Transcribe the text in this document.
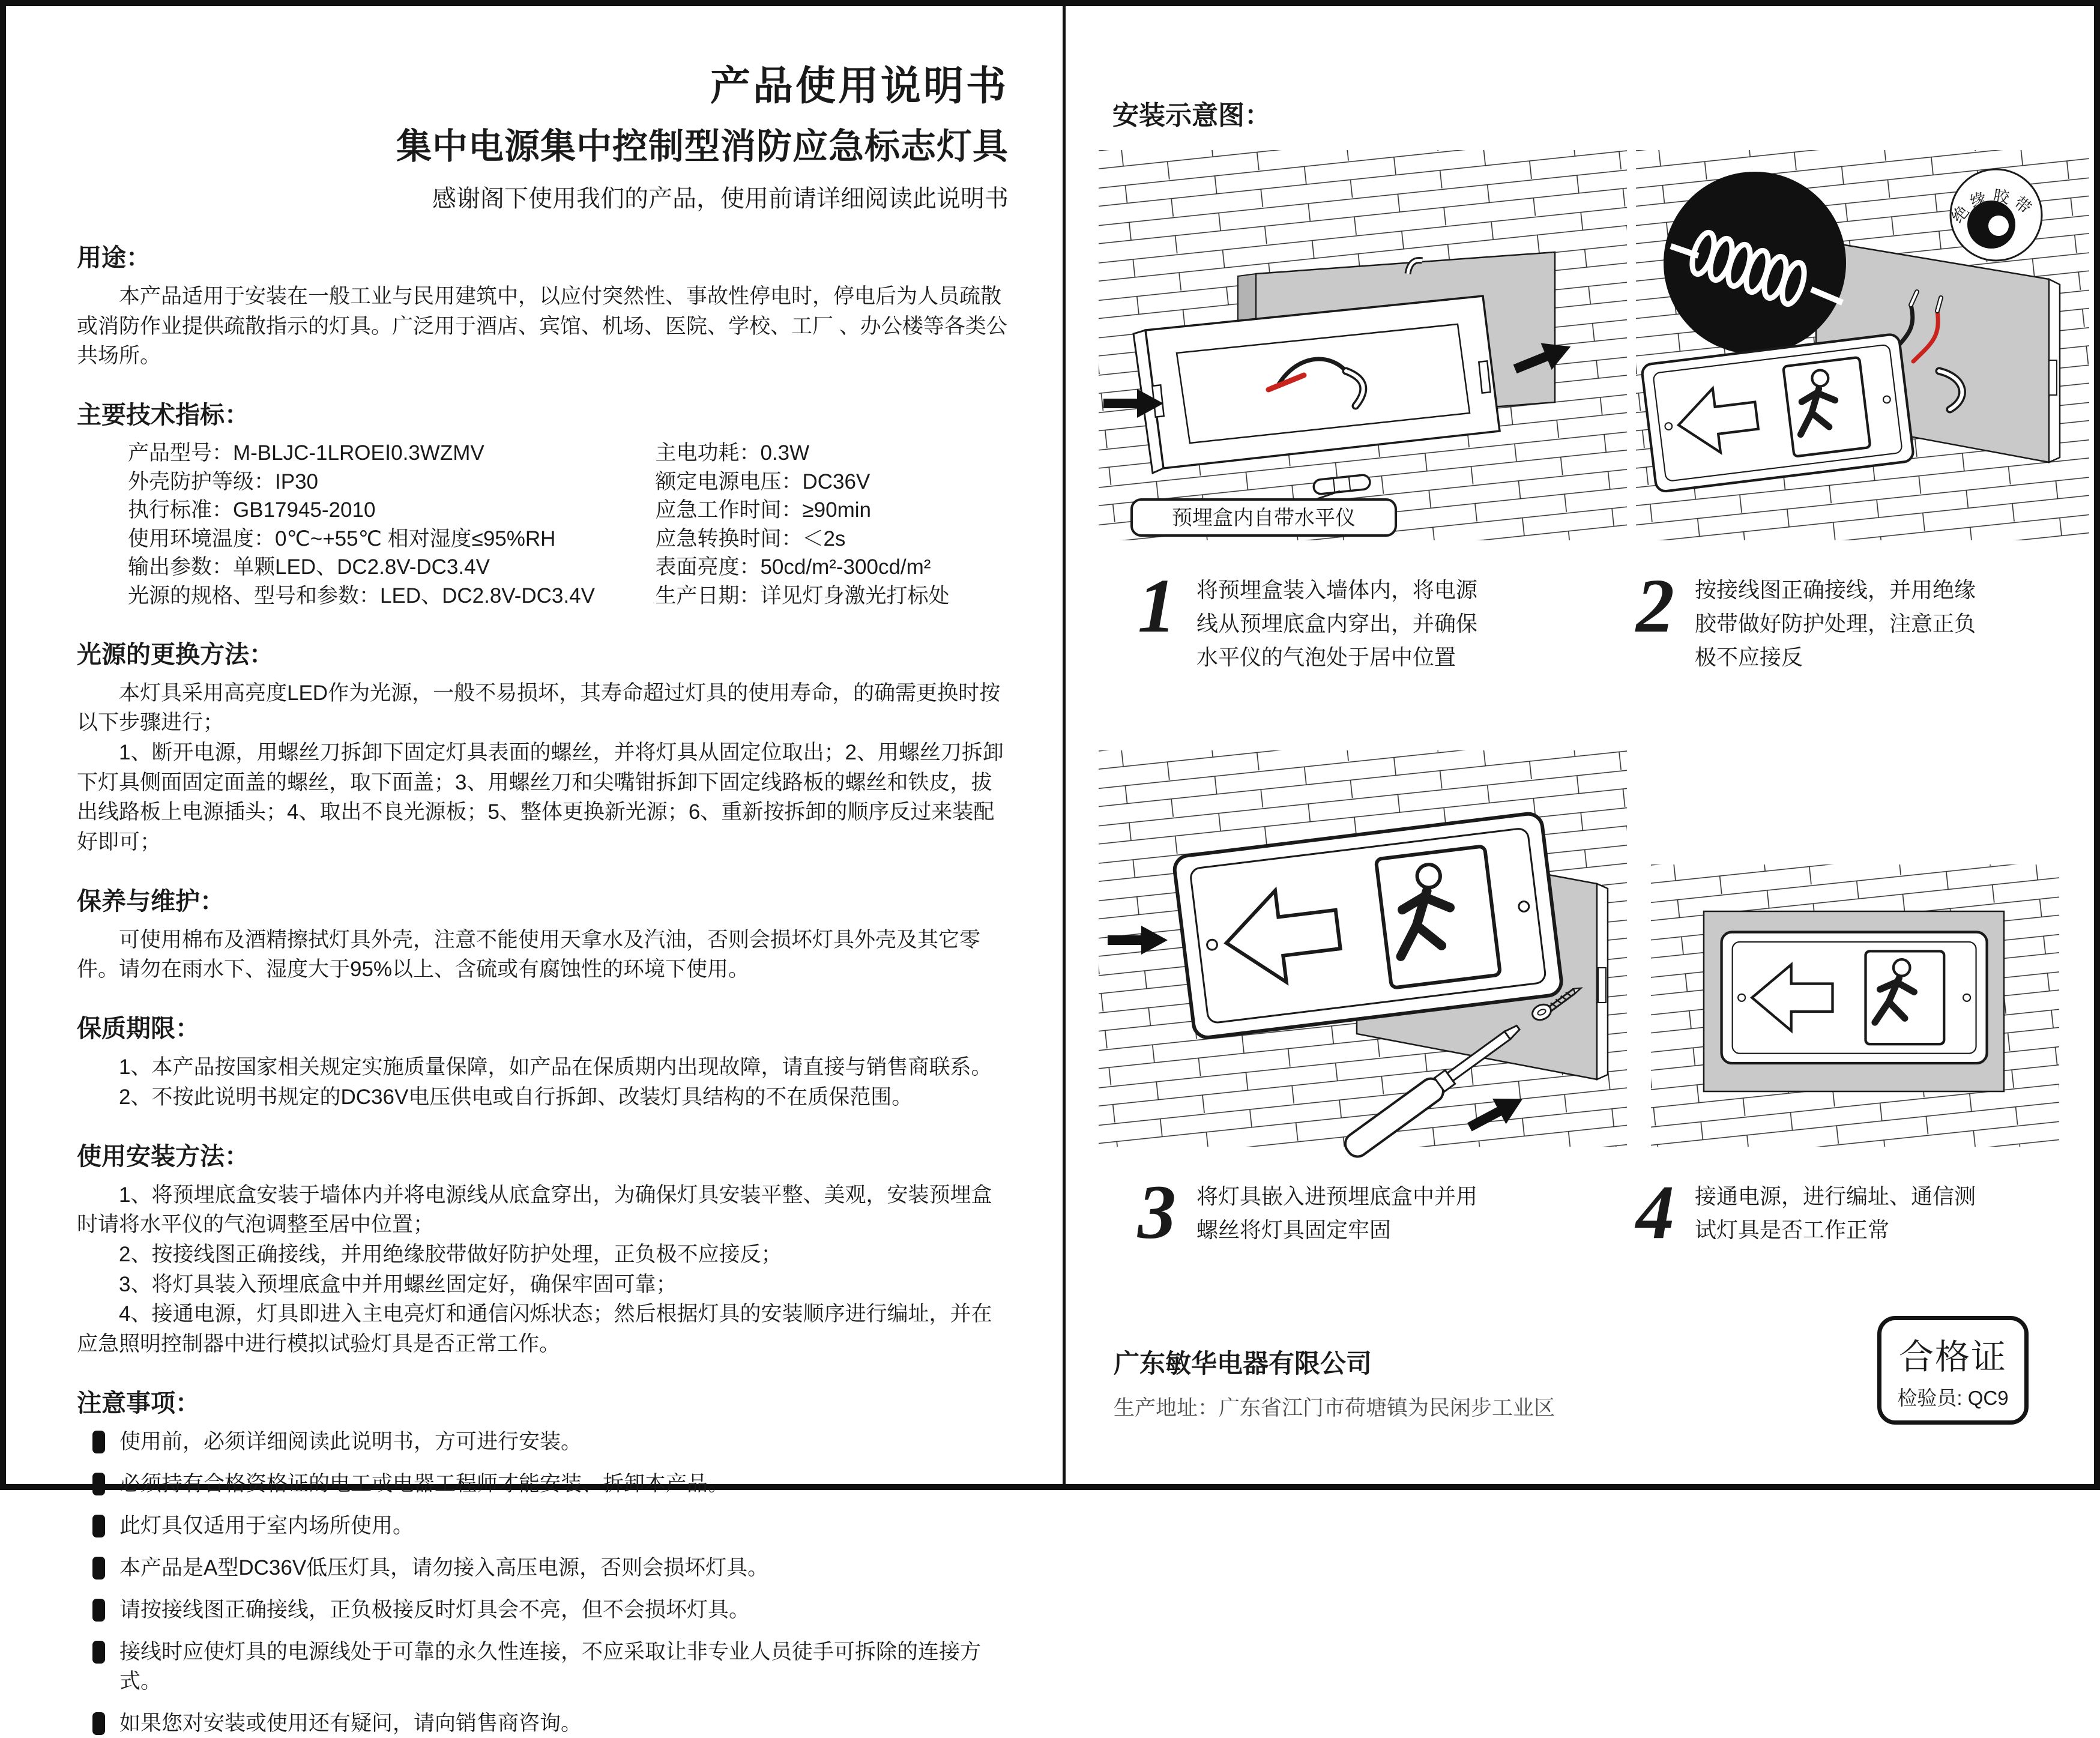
产品使用说明书
集中电源集中控制型消防应急标志灯具
感谢阁下使用我们的产品，使用前请详细阅读此说明书
用途：
本产品适用于安装在一般工业与民用建筑中，以应付突然性、事故性停电时，停电后为人员疏散或消防作业提供疏散指示的灯具。广泛用于酒店、宾馆、机场、医院、学校、工厂 、办公楼等各类公共场所。
主要技术指标：
产品型号：M-BLJC-1LROEⅠ0.3WZMV
外壳防护等级：IP30
执行标准：GB17945-2010
使用环境温度：0℃~+55℃ 相对湿度≤95%RH
输出参数：单颗LED、DC2.8V-DC3.4V
光源的规格、型号和参数：LED、DC2.8V-DC3.4V
主电功耗：0.3W
额定电源电压：DC36V
应急工作时间：≥90min
应急转换时间：＜2s
表面亮度：50cd/m²-300cd/m²
生产日期：详见灯身激光打标处
光源的更换方法：
本灯具采用高亮度LED作为光源，一般不易损坏，其寿命超过灯具的使用寿命，的确需更换时按以下步骤进行；
1、断开电源，用螺丝刀拆卸下固定灯具表面的螺丝，并将灯具从固定位取出；2、用螺丝刀拆卸下灯具侧面固定面盖的螺丝，取下面盖；3、用螺丝刀和尖嘴钳拆卸下固定线路板的螺丝和铁皮，拔出线路板上电源插头；4、取出不良光源板；5、整体更换新光源；6、重新按拆卸的顺序反过来装配好即可；
保养与维护：
可使用棉布及酒精擦拭灯具外壳，注意不能使用天拿水及汽油，否则会损坏灯具外壳及其它零件。请勿在雨水下、湿度大于95%以上、含硫或有腐蚀性的环境下使用。
保质期限：
1、本产品按国家相关规定实施质量保障，如产品在保质期内出现故障，请直接与销售商联系。
2、不按此说明书规定的DC36V电压供电或自行拆卸、改装灯具结构的不在质保范围。
使用安装方法：
1、将预埋底盒安装于墙体内并将电源线从底盒穿出，为确保灯具安装平整、美观，安装预埋盒时请将水平仪的气泡调整至居中位置；
2、按接线图正确接线，并用绝缘胶带做好防护处理，正负极不应接反；
3、将灯具装入预埋底盒中并用螺丝固定好，确保牢固可靠；
4、接通电源，灯具即进入主电亮灯和通信闪烁状态；然后根据灯具的安装顺序进行编址，并在应急照明控制器中进行模拟试验灯具是否正常工作。
注意事项：
使用前，必须详细阅读此说明书，方可进行安装。
必须持有合格资格证的电工或电器工程师才能安装、拆卸本产品。
此灯具仅适用于室内场所使用。
本产品是A型DC36V低压灯具，请勿接入高压电源，否则会损坏灯具。
请按接线图正确接线，正负极接反时灯具会不亮，但不会损坏灯具。
接线时应使灯具的电源线处于可靠的永久性连接，不应采取让非专业人员徒手可拆除的连接方式。
如果您对安装或使用还有疑问，请向销售商咨询。
安装示意图：
预埋盒内自带水平仪
绝缘胶带
1 将预埋盒装入墙体内，将电源线从预埋底盒内穿出，并确保水平仪的气泡处于居中位置
2 按接线图正确接线，并用绝缘胶带做好防护处理，注意正负极不应接反
3 将灯具嵌入进预埋底盒中并用螺丝将灯具固定牢固	4 接通电源，进行编址、通信测试灯具是否工作正常
广东敏华电器有限公司
生产地址：广东省江门市荷塘镇为民闲步工业区
合格证
检验员: QC9
